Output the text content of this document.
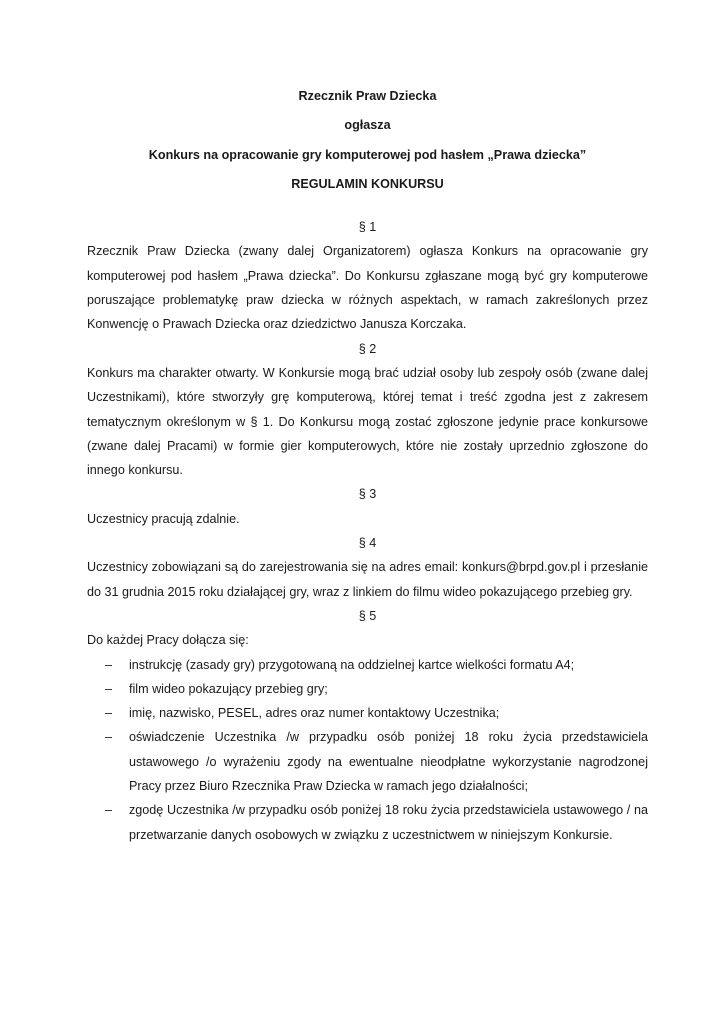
Rzecznik Praw Dziecka
ogłasza
Konkurs na opracowanie gry komputerowej pod hasłem „Prawa dziecka”
REGULAMIN KONKURSU
§ 1

Rzecznik Praw Dziecka (zwany dalej Organizatorem) ogłasza Konkurs na opracowanie gry komputerowej pod hasłem „Prawa dziecka”. Do Konkursu zgłaszane mogą być gry komputerowe poruszające problematykę praw dziecka w różnych aspektach, w ramach zakreślonych przez Konwencję o Prawach Dziecka oraz dziedzictwo Janusza Korczaka.

§ 2

Konkurs ma charakter otwarty. W Konkursie mogą brać udział osoby lub zespoły osób (zwane dalej Uczestnikami), które stworzyły grę komputerową, której temat i treść zgodna jest z zakresem tematycznym określonym w § 1. Do Konkursu mogą zostać zgłoszone jedynie prace konkursowe (zwane dalej Pracami) w formie gier komputerowych, które nie zostały uprzednio zgłoszone do innego konkursu.

§ 3

Uczestnicy pracują zdalnie.

§ 4

Uczestnicy zobowiązani są do zarejestrowania się na adres email: konkurs@brpd.gov.pl i przesłanie do 31 grudnia 2015 roku działającej gry, wraz z linkiem do filmu wideo pokazującego przebieg gry.

§ 5

Do każdej Pracy dołącza się:

– instrukcję (zasady gry) przygotowaną na oddzielnej kartce wielkości formatu A4;
– film wideo pokazujący przebieg gry;
– imię, nazwisko, PESEL, adres oraz numer kontaktowy Uczestnika;
– oświadczenie Uczestnika /w przypadku osób poniżej 18 roku życia przedstawiciela ustawowego /o wyrażeniu zgody na ewentualne nieodpłatne wykorzystanie nagrodzonej Pracy przez Biuro Rzecznika Praw Dziecka w ramach jego działalności;
– zgodę Uczestnika /w przypadku osób poniżej 18 roku życia przedstawiciela ustawowego / na przetwarzanie danych osobowych w związku z uczestnictwem w niniejszym Konkursie.
